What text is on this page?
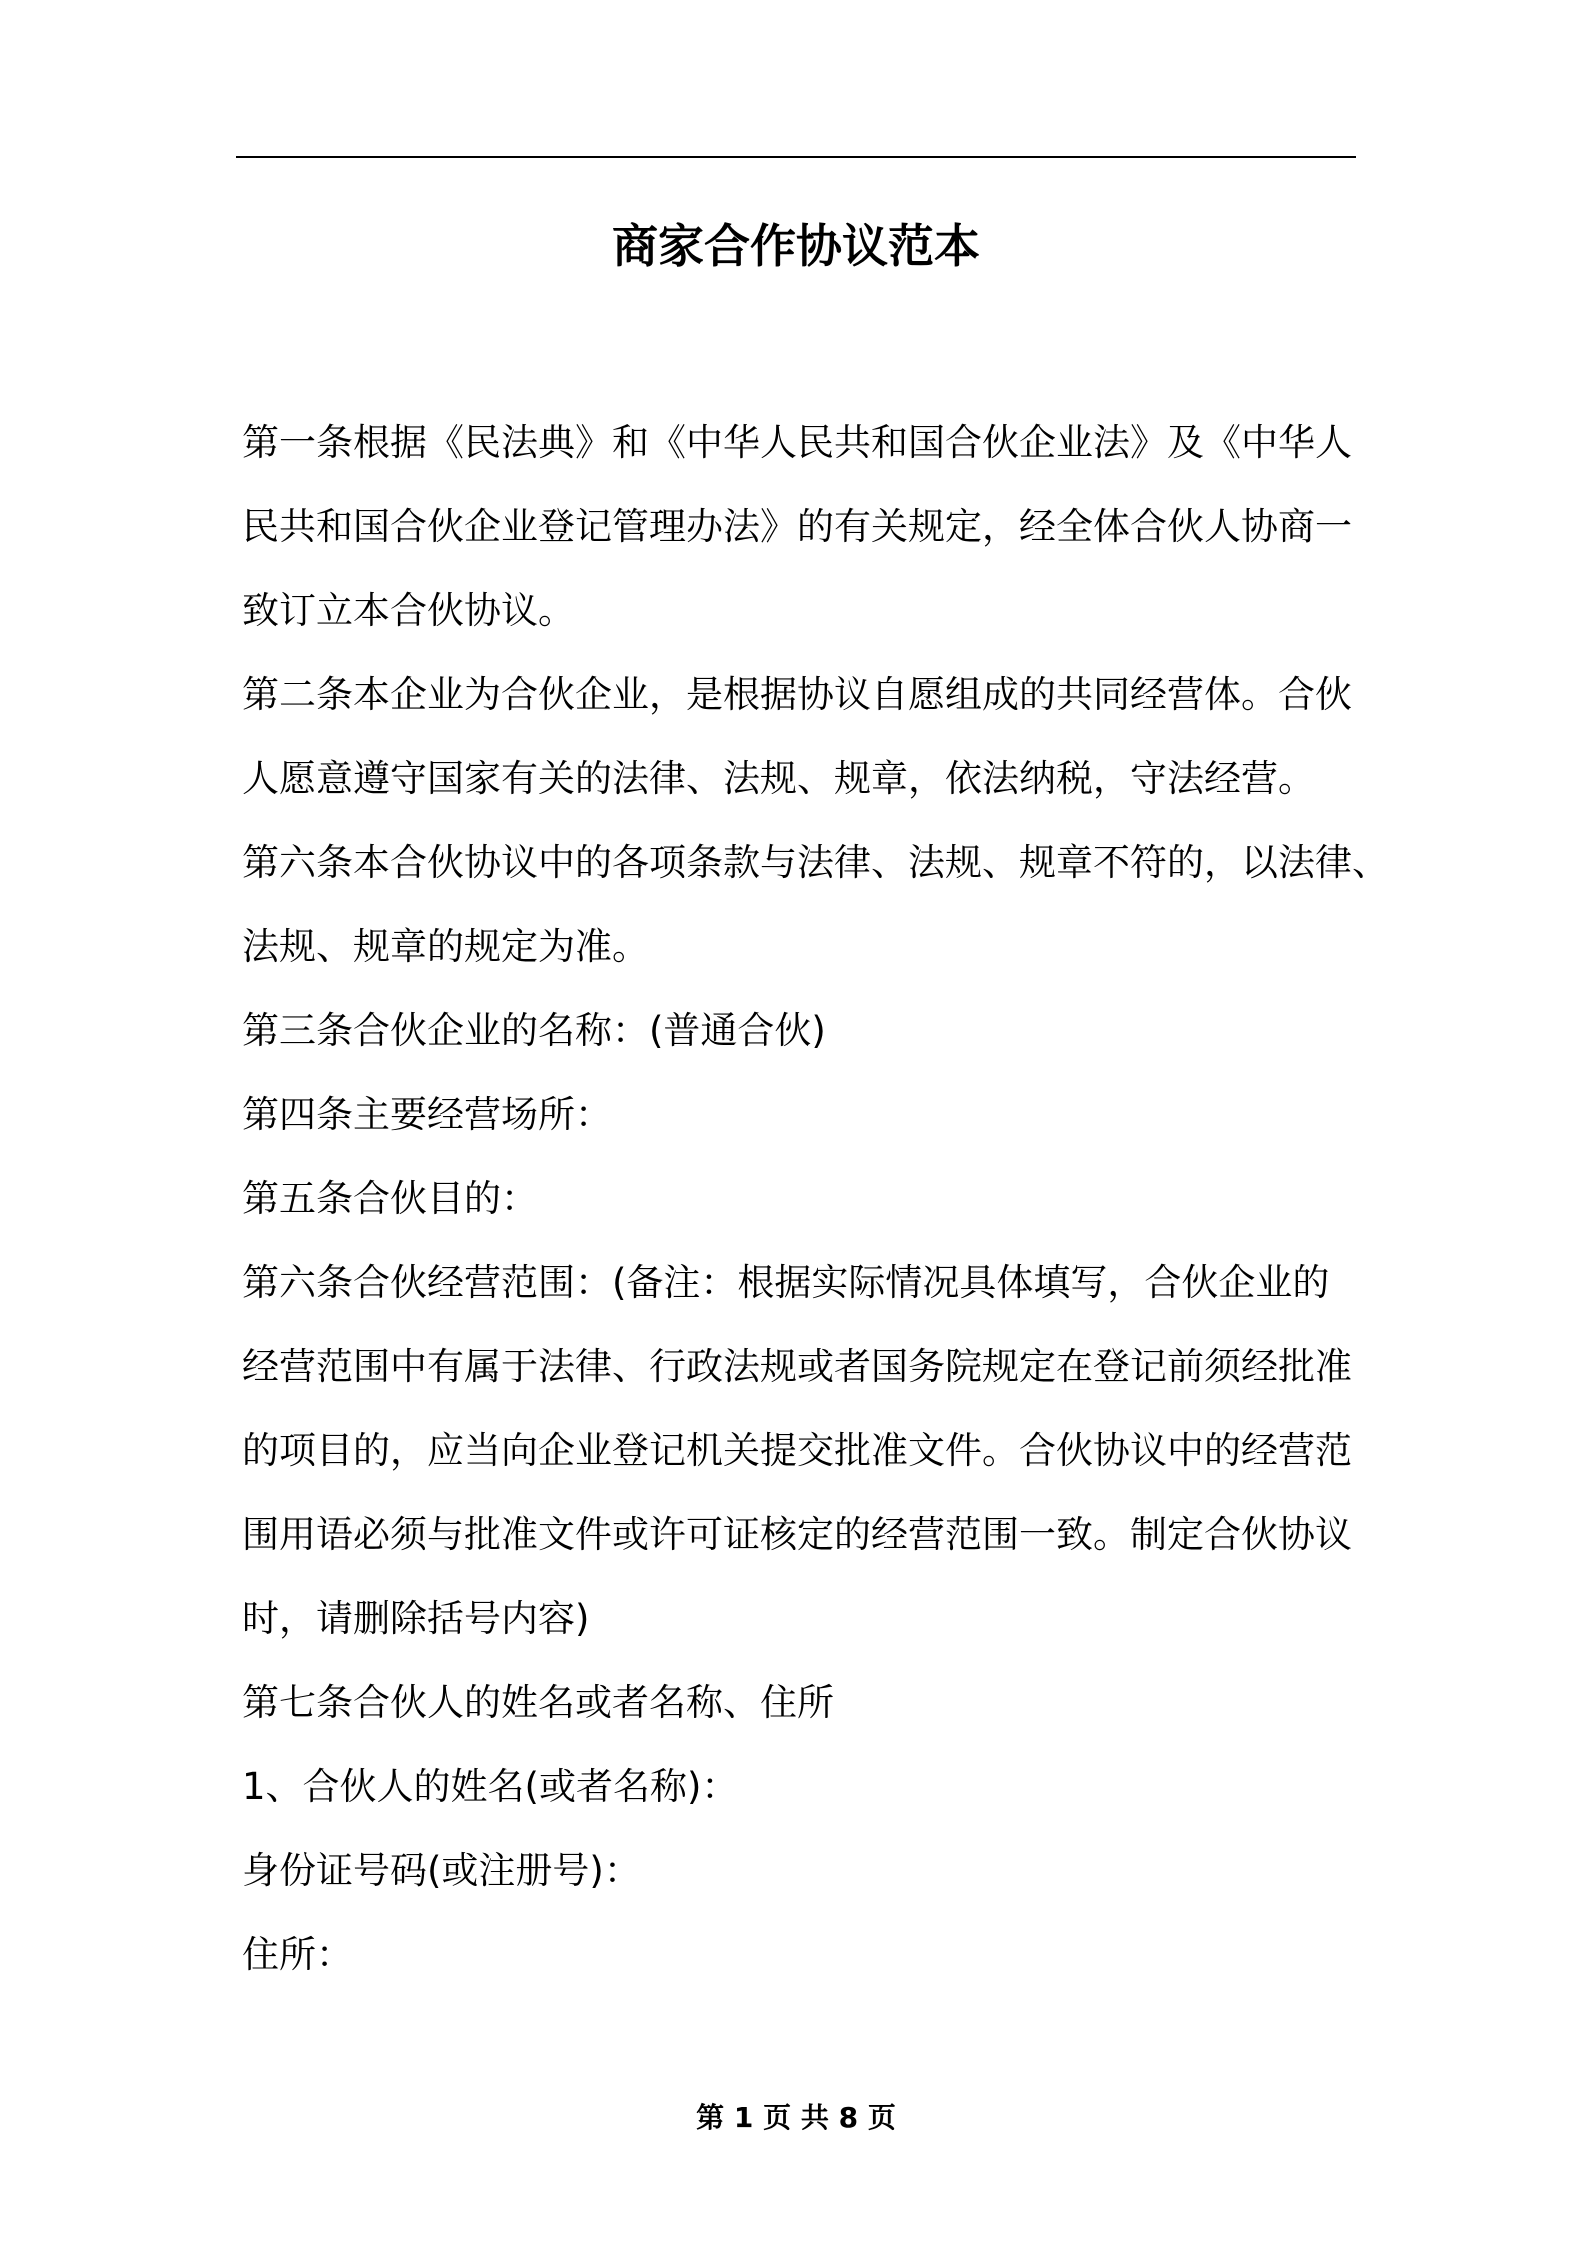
商家合作协议范本

第一条根据《民法典》和《中华人民共和国合伙企业法》及《中华人

民共和国合伙企业登记管理办法》的有关规定，经全体合伙人协商一

致订立本合伙协议。

第二条本企业为合伙企业，是根据协议自愿组成的共同经营体。合伙

人愿意遵守国家有关的法律、法规、规章，依法纳税，守法经营。

第六条本合伙协议中的各项条款与法律、法规、规章不符的，以法律、

法规、规章的规定为准。

第三条合伙企业的名称：(普通合伙)

第四条主要经营场所：

第五条合伙目的：

第六条合伙经营范围：(备注：根据实际情况具体填写，合伙企业的

经营范围中有属于法律、行政法规或者国务院规定在登记前须经批准

的项目的，应当向企业登记机关提交批准文件。合伙协议中的经营范

围用语必须与批准文件或许可证核定的经营范围一致。制定合伙协议

时，请删除括号内容)

第七条合伙人的姓名或者名称、住所

1、合伙人的姓名(或者名称)：

身份证号码(或注册号)：

住所：

第 1 页 共 8 页
